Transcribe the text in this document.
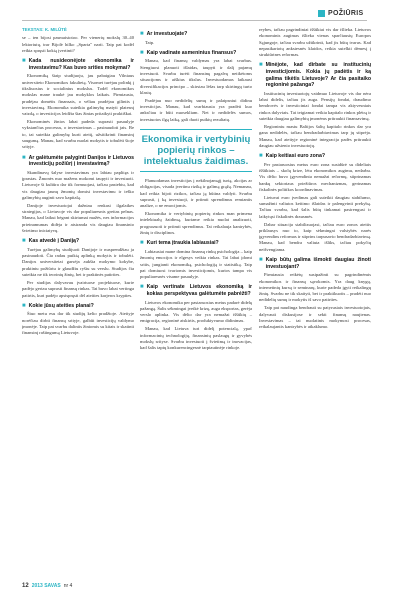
POŽIŪRIS
TEKSTAS: K. MILŪTĖ

se – ten bijosi pasmaistotoo. Per vienerių mokslų 30–40 lektoriutų, trar Bijolė hilko „Sparta" narii. Taip pat kodėl reikia spręsti kokią įvertinti?

■ Kada nusideonėjote ekonomika ir investavimu? Kas buvo srities mokymai?

Ekonomiką šiaip studijuoju, jau pabaigiau Vilniaus universiteto Ekonomikos fakultetą. Visomet turėjau polinkį į tiksliuosius ir socialinius mokslus. Todėl ekonomikos mokslas mane traukė jau mokyklos laikais. Pirmiausia, pradėjau domėtis finansais, o vėliau pradėjau gilintis į investavimą. Ekonomika suteikia galimybę matyti platesnį vaizdą, o investicijos leidžia šias žinias pritaikyti praktiškai.

Ekonominės žinios labai padeda suprasti pasaulyje vykstančius procesus, o investavimas – pasinaudoti jais. Be to, tai suteikia galimybę kurti ateitį, užsitikrinti finansinį saugumą. Manau, kad svarbu nuolat mokytis ir tobulėti šioje srityje.

■ Ar galėtumėte palyginti Danijos ir Lietuvos investicijų požiūrį į investavimą?

Skandinavų šalyse investavimas yra labiau paplitęs ir įprastas. Žmonės nuo mažens mokomi taupyti ir investuoti. Lietuvoje ši kultūra dar tik formuojasi, tačiau pastebiu, kad vis daugiau jaunų žmonių domisi investavimu ir ieško galimybių auginti savo kapitalą.

Danijoje investuotojai dažniau renkasi ilgalaikes strategijas, o Lietuvoje vis dar populiaresnis greitas pelnas. Manau, kad laikui bėgant skirtumai mažės, nes informacijos prieinamumas didėja ir atsiranda vis daugiau finansinio švietimo iniciatyvų.

■ Kas atvedė į Daniją?

Turėjau galimybę studijuoti Danijoje ir nusprendžiau ja pasinaudoti. Čia radau puikią aplinką mokytis ir tobulėti. Danijos universitetai garsėja aukšta mokymo kokybe, praktiniu požiūriu ir glaudžiu ryšiu su verslu. Studijos čia suteikia ne tik teorinių žinių, bet ir praktinės patirties.

Per studijas dalyvavau įvairiuose projektuose, kurie padėjo geriau suprasti finansų rinkas. Tai buvo labai vertinga patirtis, kuri padėjo apsispręsti dėl ateities karjeros krypties.

■ Kokie jūsų ateities planai?

Šiuo metu esu dar tik studijų kelio pradžioje. Ateityje norėčiau dirbti finansų srityje, galbūt investicijų valdymo įmonėje. Taip pat svarbu dalintis žiniomis su kitais ir skatinti finansinį raštingumą Lietuvoje.

■ Ar investuojate?

Taip.

■ Kaip vadinate asmeninius finansus?

Manau, kad finansų valdymas yra labai svarbus. Stengiuosi planuoti išlaidas, taupyti ir dalį pajamų investuoti. Svarbu turėti finansinę pagalvę netikėtoms situacijoms ir aiškius tikslus. Investuodamas laikausi diversifikacijos principo – skirstau lėšas tarp skirtingų turto klasių.

Pradėjau nuo nedidelių sumų ir palaipsniui didinu investicijas. Manau, kad svarbiausia yra pradėti kuo anksčiau ir būti nuosekliam. Net ir nedidelės sumos, investuotos ilgą laiką, gali duoti puikių rezultatų.

Ekonomika ir vertybinių popierių rinkos – intelektualus žaidimas.

Planuodamas investicijas į nekilnojamąjį turtą, akcijas ar obligacijas, visada įvertinu riziką ir galimą grąžą. Nemanau, kad reikia bijoti rizikos, tačiau ją būtina valdyti. Svarbu suprasti, į ką investuoji, ir priimti sprendimus remiantis analize, o ne emocijomis.

Ekonomika ir vertybinių popierių rinkos man primena intelektualų žaidimą, kuriame reikia nuolat analizuoti, prognozuoti ir priimti sprendimus. Tai reikalauja kantrybės, žinių ir disciplinos.

■ Kuri tema įtraukia labiausiai?

Labiausiai mane domina finansų rinkų psichologija – kaip žmonių emocijos ir elgesys veikia rinkas. Tai labai įdomi sritis, jungianti ekonomiką, psichologiją ir statistiką. Taip pat domiuosi tvariomis investicijomis, kurios tampa vis populiaresnės visame pasaulyje.

■ Kaip vertinate Lietuvos ekonomiką ir kokias perspektyvas galėtumėte pabrėžti?

Lietuvos ekonomika per pastaruosius metus padarė didelę pažangą. Šalis sėkmingai įveikė krizę, auga eksportas, gerėja verslo aplinka. Vis dėlto dar yra nemažai iššūkių – emigracija, regioninė atskirtis, produktyvumo didinimas.

Manau, kad Lietuva turi didelį potencialą, ypač informacinių technologijų, finansinių paslaugų ir gyvybės mokslų srityse. Svarbu investuoti į švietimą ir inovacijas, kad šalis taptų konkurencingesnė tarptautinėje rinkoje.

reybes, tačiau pagrindiniai iššūkiai vis dar išlieka. Lietuvos ekonominis augimas išlieka vienas sparčiausių Europos Sąjungoje, tačiau svarbu užtikrinti, kad jis būtų tvarus. Kad nepasikartotų ankstesnės klaidos, reikia sutelkti dėmesį į struktūrines reformas.

■ Minėjote, kad dirbate su institucinių investicijomis. Kokia jų padėtis ir ką galima tikėtis Lietuvoje? Ar čia pasitaiko regioninė pažanga?

Institucinių investuotojų vaidmuo Lietuvoje vis dar nėra labai didelis, tačiau jis auga. Pensijų fondai, draudimo bendrovės ir investiciniai fondai tampa vis aktyvesniais rinkos dalyviais. Tai teigiamai veikia kapitalo rinkos plėtrą ir suteikia daugiau galimybių įmonėms pritraukti finansavimą.

Regioniniu mastu Baltijos šalių kapitalo rinkos dar yra gana nedidelės, tačiau bendradarbiavimas tarp jų stiprėja. Manau, kad ateityje regioninė integracija padės pritraukti daugiau užsienio investuotojų.

■ Kaip keitiasi euro zona?

Per pastaruosius metus euro zona susidūrė su dideliais iššūkiais – skolų krize, lėtu ekonomikos augimu, nedarbu. Vis dėlto buvo įgyvendinta nemažai reformų, stiprinamas bankų sektoriaus priežiūros mechanizmas, gerinamas fiskalinės politikos koordinavimas.

Lietuvai euro įvedimas gali suteikti daugiau stabilumo, sumažinti valiutos keitimo išlaidas ir palengvinti prekybą. Tačiau svarbu, kad šalis būtų tinkamai pasirengusi ir laikytųsi fiskalinės drausmės.

Dabar situacija stabilizuojasi, tačiau euro zonos ateitis priklausys nuo to, kaip sėkmingai valstybės narės įgyvendins reformas ir stiprins tarpusavio bendradarbiavimą. Manau, kad bendra valiuta išliks, tačiau pokyčių neišvengiama.

■ Kaip būtų galima išmokti daugiau žinoti investuojant?

Pirmiausia reikėtų susipažinti su pagrindinėmis ekonomikos ir finansų sąvokomis. Yra daug knygų, internetinių kursų ir seminarų, kurie padeda įgyti reikalingų žinių. Svarbu ne tik skaityti, bet ir praktikuotis – pradėti nuo nedidelių sumų ir mokytis iš savo patirties.

Taip pat naudinga bendrauti su patyrusiais investuotojais, dalyvauti diskusijose ir sekti finansų naujienas. Investavimas – tai nuolatinis mokymosi procesas, reikalaujantis kantrybės ir atkaklumo.

12 2013 SAVAS nr 4
